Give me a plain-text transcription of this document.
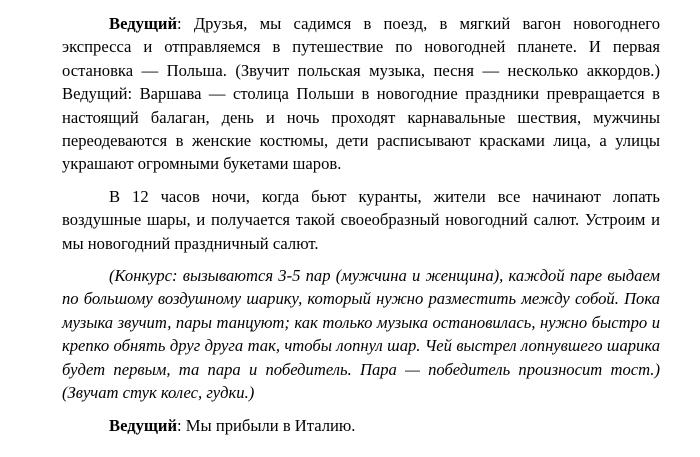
Ведущий: Друзья, мы садимся в поезд, в мягкий вагон новогоднего экспресса и отправляемся в путешествие по новогодней планете. И первая остановка — Польша. (Звучит польская музыка, песня — несколько аккордов.) Ведущий: Варшава — столица Польши в новогодние праздники превращается в настоящий балаган, день и ночь проходят карнавальные шествия, мужчины переодеваются в женские костюмы, дети расписывают красками лица, а улицы украшают огромными букетами шаров.

В 12 часов ночи, когда бьют куранты, жители все начинают лопать воздушные шары, и получается такой своеобразный новогодний салют. Устроим и мы новогодний праздничный салют.

(Конкурс: вызываются 3-5 пар (мужчина и женщина), каждой паре выдаем по большому воздушному шарику, который нужно разместить между собой. Пока музыка звучит, пары танцуют; как только музыка остановилась, нужно быстро и крепко обнять друг друга так, чтобы лопнул шар. Чей выстрел лопнувшего шарика будет первым, та пара и победитель. Пара — победитель произносит тост.) (Звучат стук колес, гудки.)

Ведущий: Мы прибыли в Италию.
